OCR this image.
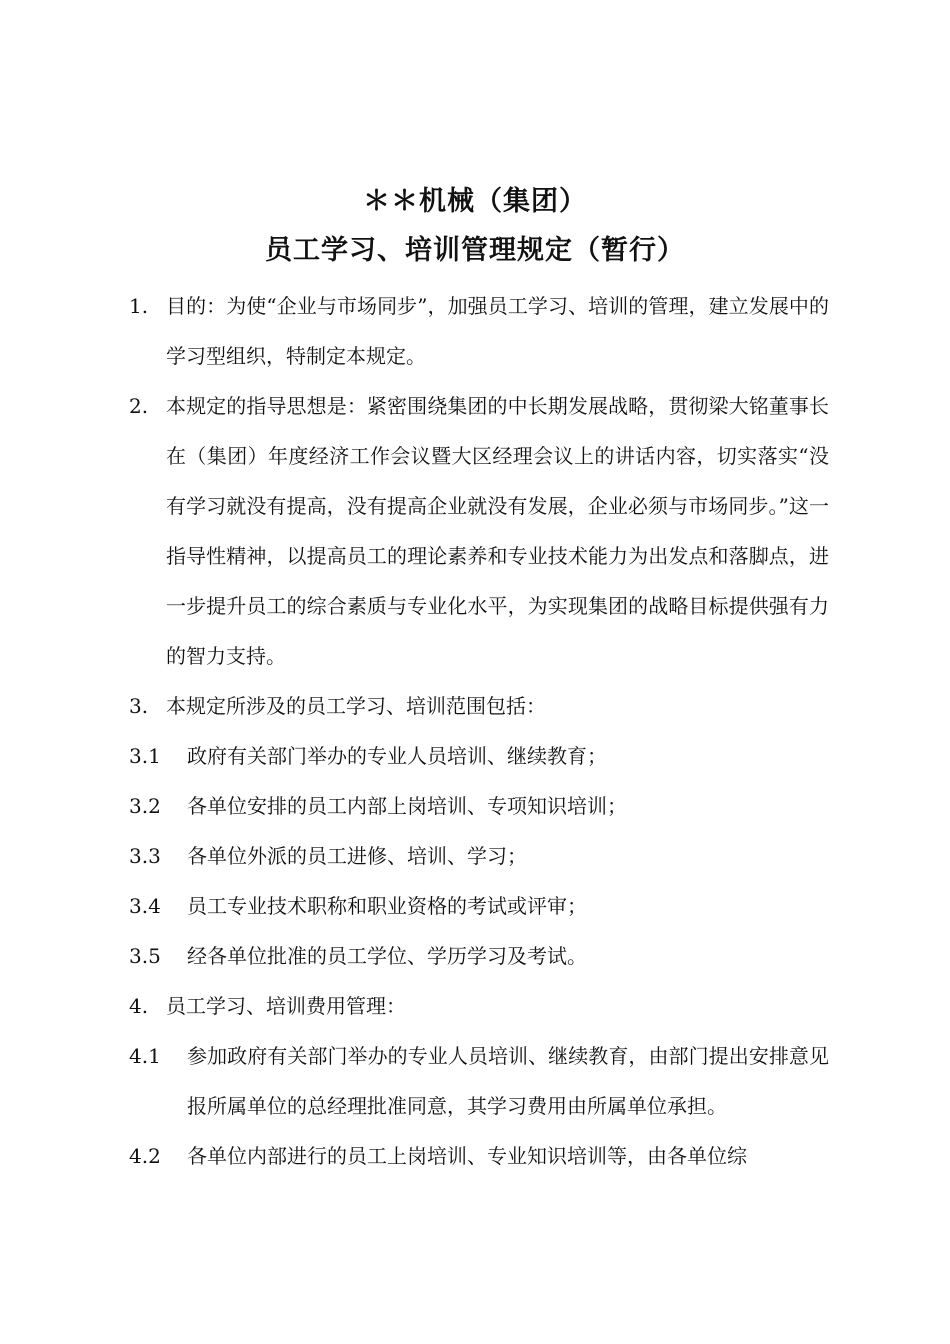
＊＊机械（集团）
员工学习、培训管理规定（暂行）
1. 目的：为使“企业与市场同步”，加强员工学习、培训的管理，建立发展中的学习型组织，特制定本规定。
2. 本规定的指导思想是：紧密围绕集团的中长期发展战略，贯彻梁大铭董事长在（集团）年度经济工作会议暨大区经理会议上的讲话内容，切实落实“没有学习就没有提高，没有提高企业就没有发展，企业必须与市场同步。”这一指导性精神，以提高员工的理论素养和专业技术能力为出发点和落脚点，进一步提升员工的综合素质与专业化水平，为实现集团的战略目标提供强有力的智力支持。
3. 本规定所涉及的员工学习、培训范围包括：
3.1	政府有关部门举办的专业人员培训、继续教育；
3.2	各单位安排的员工内部上岗培训、专项知识培训；
3.3	各单位外派的员工进修、培训、学习；
3.4	员工专业技术职称和职业资格的考试或评审；
3.5	经各单位批准的员工学位、学历学习及考试。
4. 员工学习、培训费用管理：
4.1	参加政府有关部门举办的专业人员培训、继续教育，由部门提出安排意见报所属单位的总经理批准同意，其学习费用由所属单位承担。
4.2	各单位内部进行的员工上岗培训、专业知识培训等，由各单位综
